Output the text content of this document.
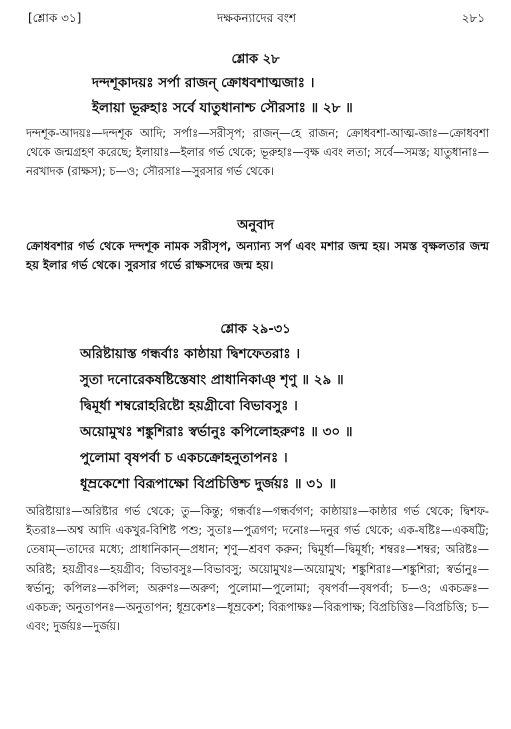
[শ্লোক ৩১]	দক্ষকন্যাদের বংশ	২৮১
শ্লোক ২৮
দন্দশূকাদয়ঃ সর্পা রাজন্ ক্রোধবশাত্মজাঃ ।
ইলায়া ভূরুহাঃ সর্বে যাতুধানাশ্চ সৌরসাঃ ॥ ২৮ ॥
দন্দশূক-আদয়ঃ—দন্দশূক আদি; সর্পাঃ—সরীসৃপ; রাজন্—হে রাজন; ক্রোধবশা-আত্ম-জাঃ—ক্রোধবশা থেকে জন্মগ্রহণ করেছে; ইলায়াঃ—ইলার গর্ভ থেকে; ভূরুহাঃ—বৃক্ষ এবং লতা; সর্বে—সমস্ত; যাতুধানাঃ—নরখাদক (রাক্ষস); চ—ও; সৌরসাঃ—সুরসার গর্ভ থেকে।
অনুবাদ
ক্রোধবশার গর্ভ থেকে দন্দশূক নামক সরীসৃপ, অন্যান্য সর্প এবং মশার জন্ম হয়। সমস্ত বৃক্ষলতার জন্ম হয় ইলার গর্ভ থেকে। সুরসার গর্ভে রাক্ষসদের জন্ম হয়।
শ্লোক ২৯-৩১
অরিষ্টায়াস্ত গন্ধর্বাঃ কাষ্ঠায়া দ্বিশফেতরাঃ ।
সুতা দনোরেকষষ্টিস্তেষাং প্রাধানিকাঞ্ শৃণু ॥ ২৯ ॥
দ্বিমূর্ধা শম্বরোহরিষ্টো হয়গ্রীবো বিভাবসুঃ ।
অয়োমুখঃ শঙ্কুশিরাঃ স্বর্ভানুঃ কপিলোহরুণঃ ॥ ৩০ ॥
পুলোমা বৃষপর্বা চ একচক্রোহনুতাপনঃ ।
ধূম্রকেশো বিরূপাক্ষো বিপ্রচিত্তিশ্চ দুর্জয়ঃ ॥ ৩১ ॥
অরিষ্টায়াঃ—অরিষ্টার গর্ভ থেকে; তু—কিন্তু; গন্ধর্বাঃ—গন্ধর্বগণ; কাষ্ঠায়াঃ—কাষ্ঠার গর্ভ থেকে; দ্বিশফ-ইতরাঃ—অশ্ব আদি একখুর-বিশিষ্ট পশু; সুতাঃ—পুত্রগণ; দনোঃ—দনুর গর্ভ থেকে; এক-ষষ্টিঃ—একষট্টি; তেষাম্—তাদের মধ্যে; প্রাধানিকান্—প্রধান; শৃণু—শ্রবণ করুন; দ্বিমূর্ধা—দ্বিমূর্ধা; শম্বরঃ—শম্বর; অরিষ্টঃ—অরিষ্ট; হয়গ্রীবঃ—হয়গ্রীব; বিভাবসুঃ—বিভাবসু; অয়োমুখঃ—অয়োমুখ; শঙ্কুশিরাঃ—শঙ্কুশিরা; স্বর্ভানুঃ—স্বর্ভানু; কপিলঃ—কপিল; অরুণঃ—অরুণ; পুলোমা—পুলোমা; বৃষপর্বা—বৃষপর্বা; চ—ও; একচক্রঃ—একচক্র; অনুতাপনঃ—অনুতাপন; ধূম্রকেশঃ—ধূম্রকেশ; বিরূপাক্ষঃ—বিরূপাক্ষ; বিপ্রচিত্তিঃ—বিপ্রচিত্তি; চ—এবং; দুর্জয়ঃ—দুর্জয়।
